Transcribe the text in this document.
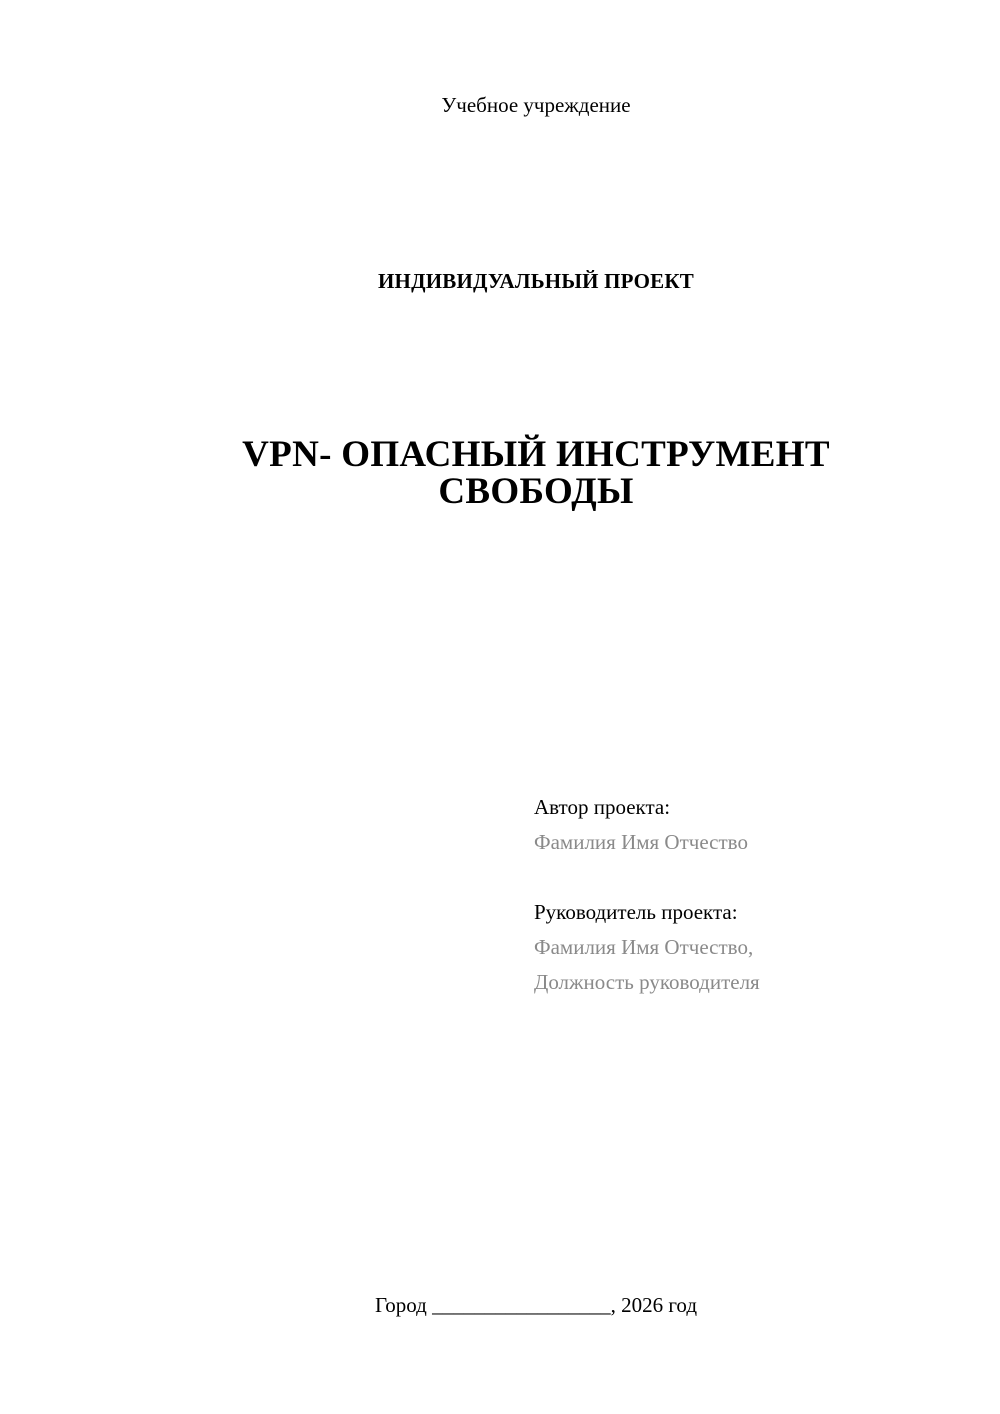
Учебное учреждение
ИНДИВИДУАЛЬНЫЙ ПРОЕКТ
VPN- ОПАСНЫЙ ИНСТРУМЕНТ
СВОБОДЫ
Автор проекта:
Фамилия Имя Отчество
Руководитель проекта:
Фамилия Имя Отчество,
Должность руководителя
Город _________________, 2026 год
